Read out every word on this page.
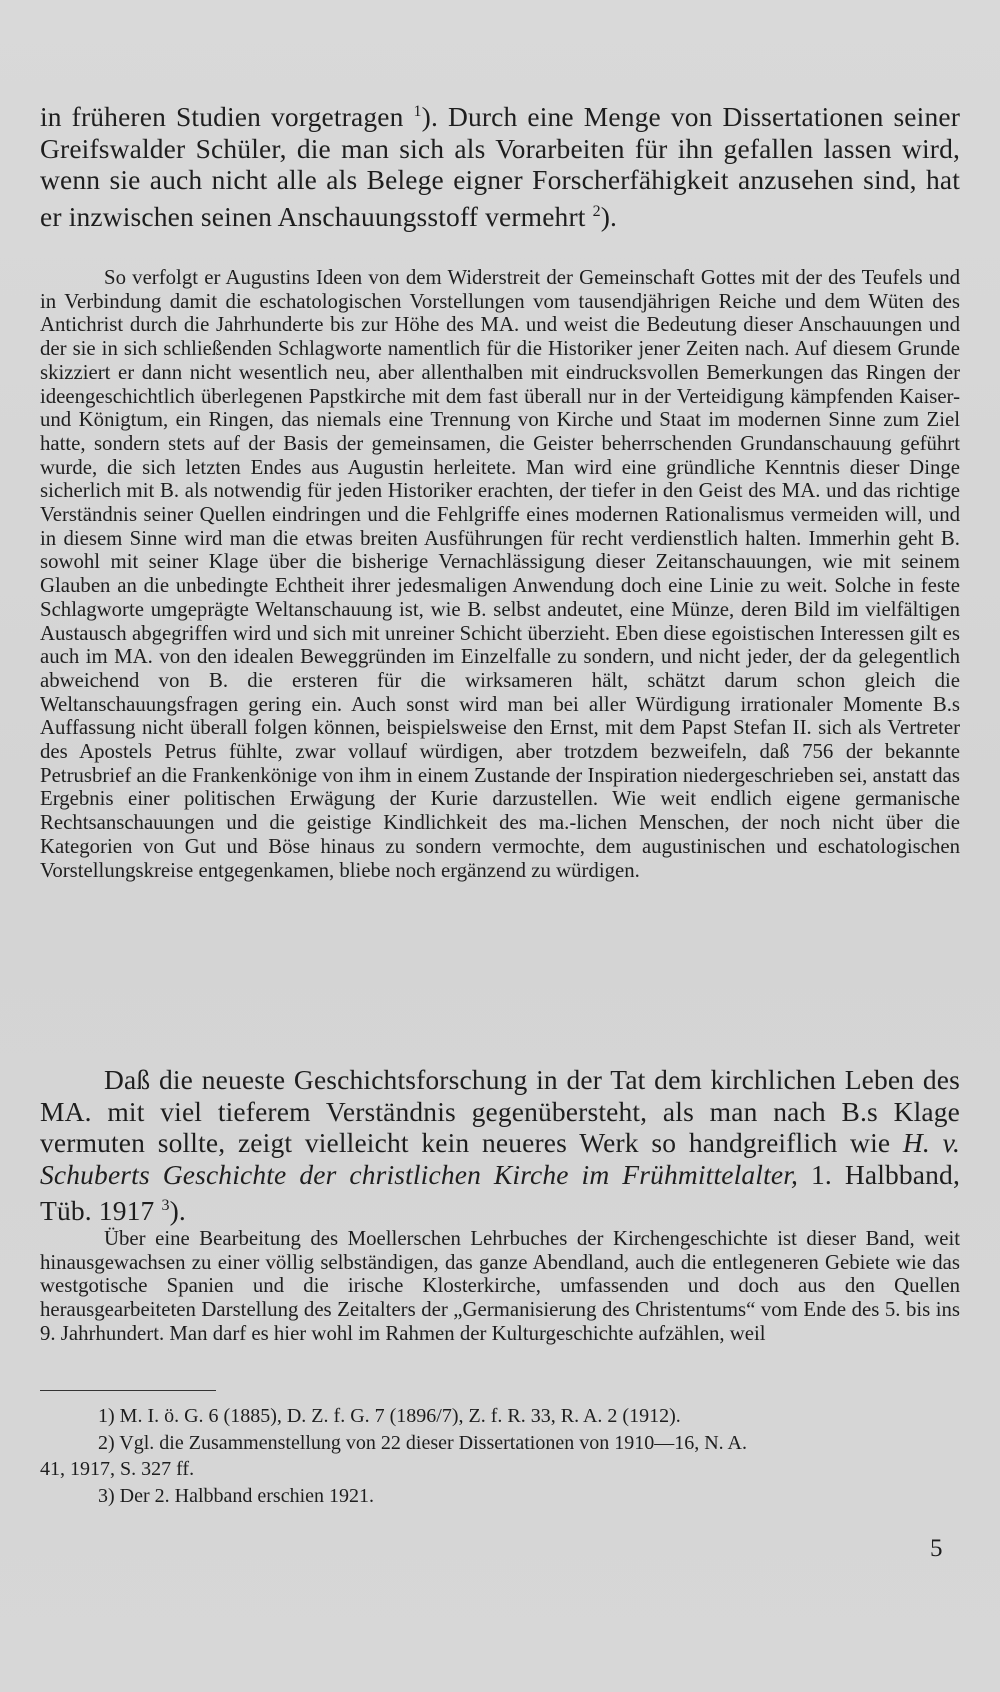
in früheren Studien vorgetragen $^1$). Durch eine Menge von Dissertationen seiner Greifswalder Schüler, die man sich als Vorarbeiten für ihn gefallen lassen wird, wenn sie auch nicht alle als Belege eigner Forscherfähigkeit anzusehen sind, hat er inzwischen seinen Anschauungsstoff vermehrt $^2$).

So verfolgt er Augustins Ideen von dem Widerstreit der Gemeinschaft Gottes mit der des Teufels und in Verbindung damit die eschatologischen Vorstellungen vom tausendjährigen Reiche und dem Wüten des Antichrist durch die Jahrhunderte bis zur Höhe des MA. und weist die Bedeutung dieser Anschauungen und der sie in sich schließenden Schlagworte namentlich für die Historiker jener Zeiten nach. Auf diesem Grunde skizziert er dann nicht wesentlich neu, aber allenthalben mit eindrucksvollen Bemerkungen das Ringen der ideengeschichtlich überlegenen Papstkirche mit dem fast überall nur in der Verteidigung kämpfenden Kaiser- und Königtum, ein Ringen, das niemals eine Trennung von Kirche und Staat im modernen Sinne zum Ziel hatte, sondern stets auf der Basis der gemeinsamen, die Geister beherrschenden Grundanschauung geführt wurde, die sich letzten Endes aus Augustin herleitete. Man wird eine gründliche Kenntnis dieser Dinge sicherlich mit B. als notwendig für jeden Historiker erachten, der tiefer in den Geist des MA. und das richtige Verständnis seiner Quellen eindringen und die Fehlgriffe eines modernen Rationalismus vermeiden will, und in diesem Sinne wird man die etwas breiten Ausführungen für recht verdienstlich halten. Immerhin geht B. sowohl mit seiner Klage über die bisherige Vernachlässigung dieser Zeitanschauungen, wie mit seinem Glauben an die unbedingte Echtheit ihrer jedesmaligen Anwendung doch eine Linie zu weit. Solche in feste Schlagworte umgeprägte Weltanschauung ist, wie B. selbst andeutet, eine Münze, deren Bild im vielfältigen Austausch abgegriffen wird und sich mit unreiner Schicht überzieht. Eben diese egoistischen Interessen gilt es auch im MA. von den idealen Beweggründen im Einzelfalle zu sondern, und nicht jeder, der da gelegentlich abweichend von B. die ersteren für die wirksameren hält, schätzt darum schon gleich die Weltanschauungsfragen gering ein. Auch sonst wird man bei aller Würdigung irrationaler Momente B.s Auffassung nicht überall folgen können, beispielsweise den Ernst, mit dem Papst Stefan II. sich als Vertreter des Apostels Petrus fühlte, zwar vollauf würdigen, aber trotzdem bezweifeln, daß 756 der bekannte Petrusbrief an die Frankenkönige von ihm in einem Zustande der Inspiration niedergeschrieben sei, anstatt das Ergebnis einer politischen Erwägung der Kurie darzustellen. Wie weit endlich eigene germanische Rechtsanschauungen und die geistige Kindlichkeit des ma.-lichen Menschen, der noch nicht über die Kategorien von Gut und Böse hinaus zu sondern vermochte, dem augustinischen und eschatologischen Vorstellungskreise entgegenkamen, bliebe noch ergänzend zu würdigen.

Daß die neueste Geschichtsforschung in der Tat dem kirchlichen Leben des MA. mit viel tieferem Verständnis gegenübersteht, als man nach B.s Klage vermuten sollte, zeigt vielleicht kein neueres Werk so handgreiflich wie H. v. Schuberts Geschichte der christlichen Kirche im Frühmittelalter, 1. Halbband, Tüb. 1917 $^3$).

Über eine Bearbeitung des Moellerschen Lehrbuches der Kirchengeschichte ist dieser Band, weit hinausgewachsen zu einer völlig selbständigen, das ganze Abendland, auch die entlegeneren Gebiete wie das westgotische Spanien und die irische Klosterkirche, umfassenden und doch aus den Quellen herausgearbeiteten Darstellung des Zeitalters der „Germanisierung des Christentums“ vom Ende des 5. bis ins 9. Jahrhundert. Man darf es hier wohl im Rahmen der Kulturgeschichte aufzählen, weil

1) M. I. ö. G. 6 (1885), D. Z. f. G. 7 (1896/7), Z. f. R. 33, R. A. 2 (1912).

2) Vgl. die Zusammenstellung von 22 dieser Dissertationen von 1910—16, N. A.

41, 1917, S. 327 ff.

3) Der 2. Halbband erschien 1921.

5
